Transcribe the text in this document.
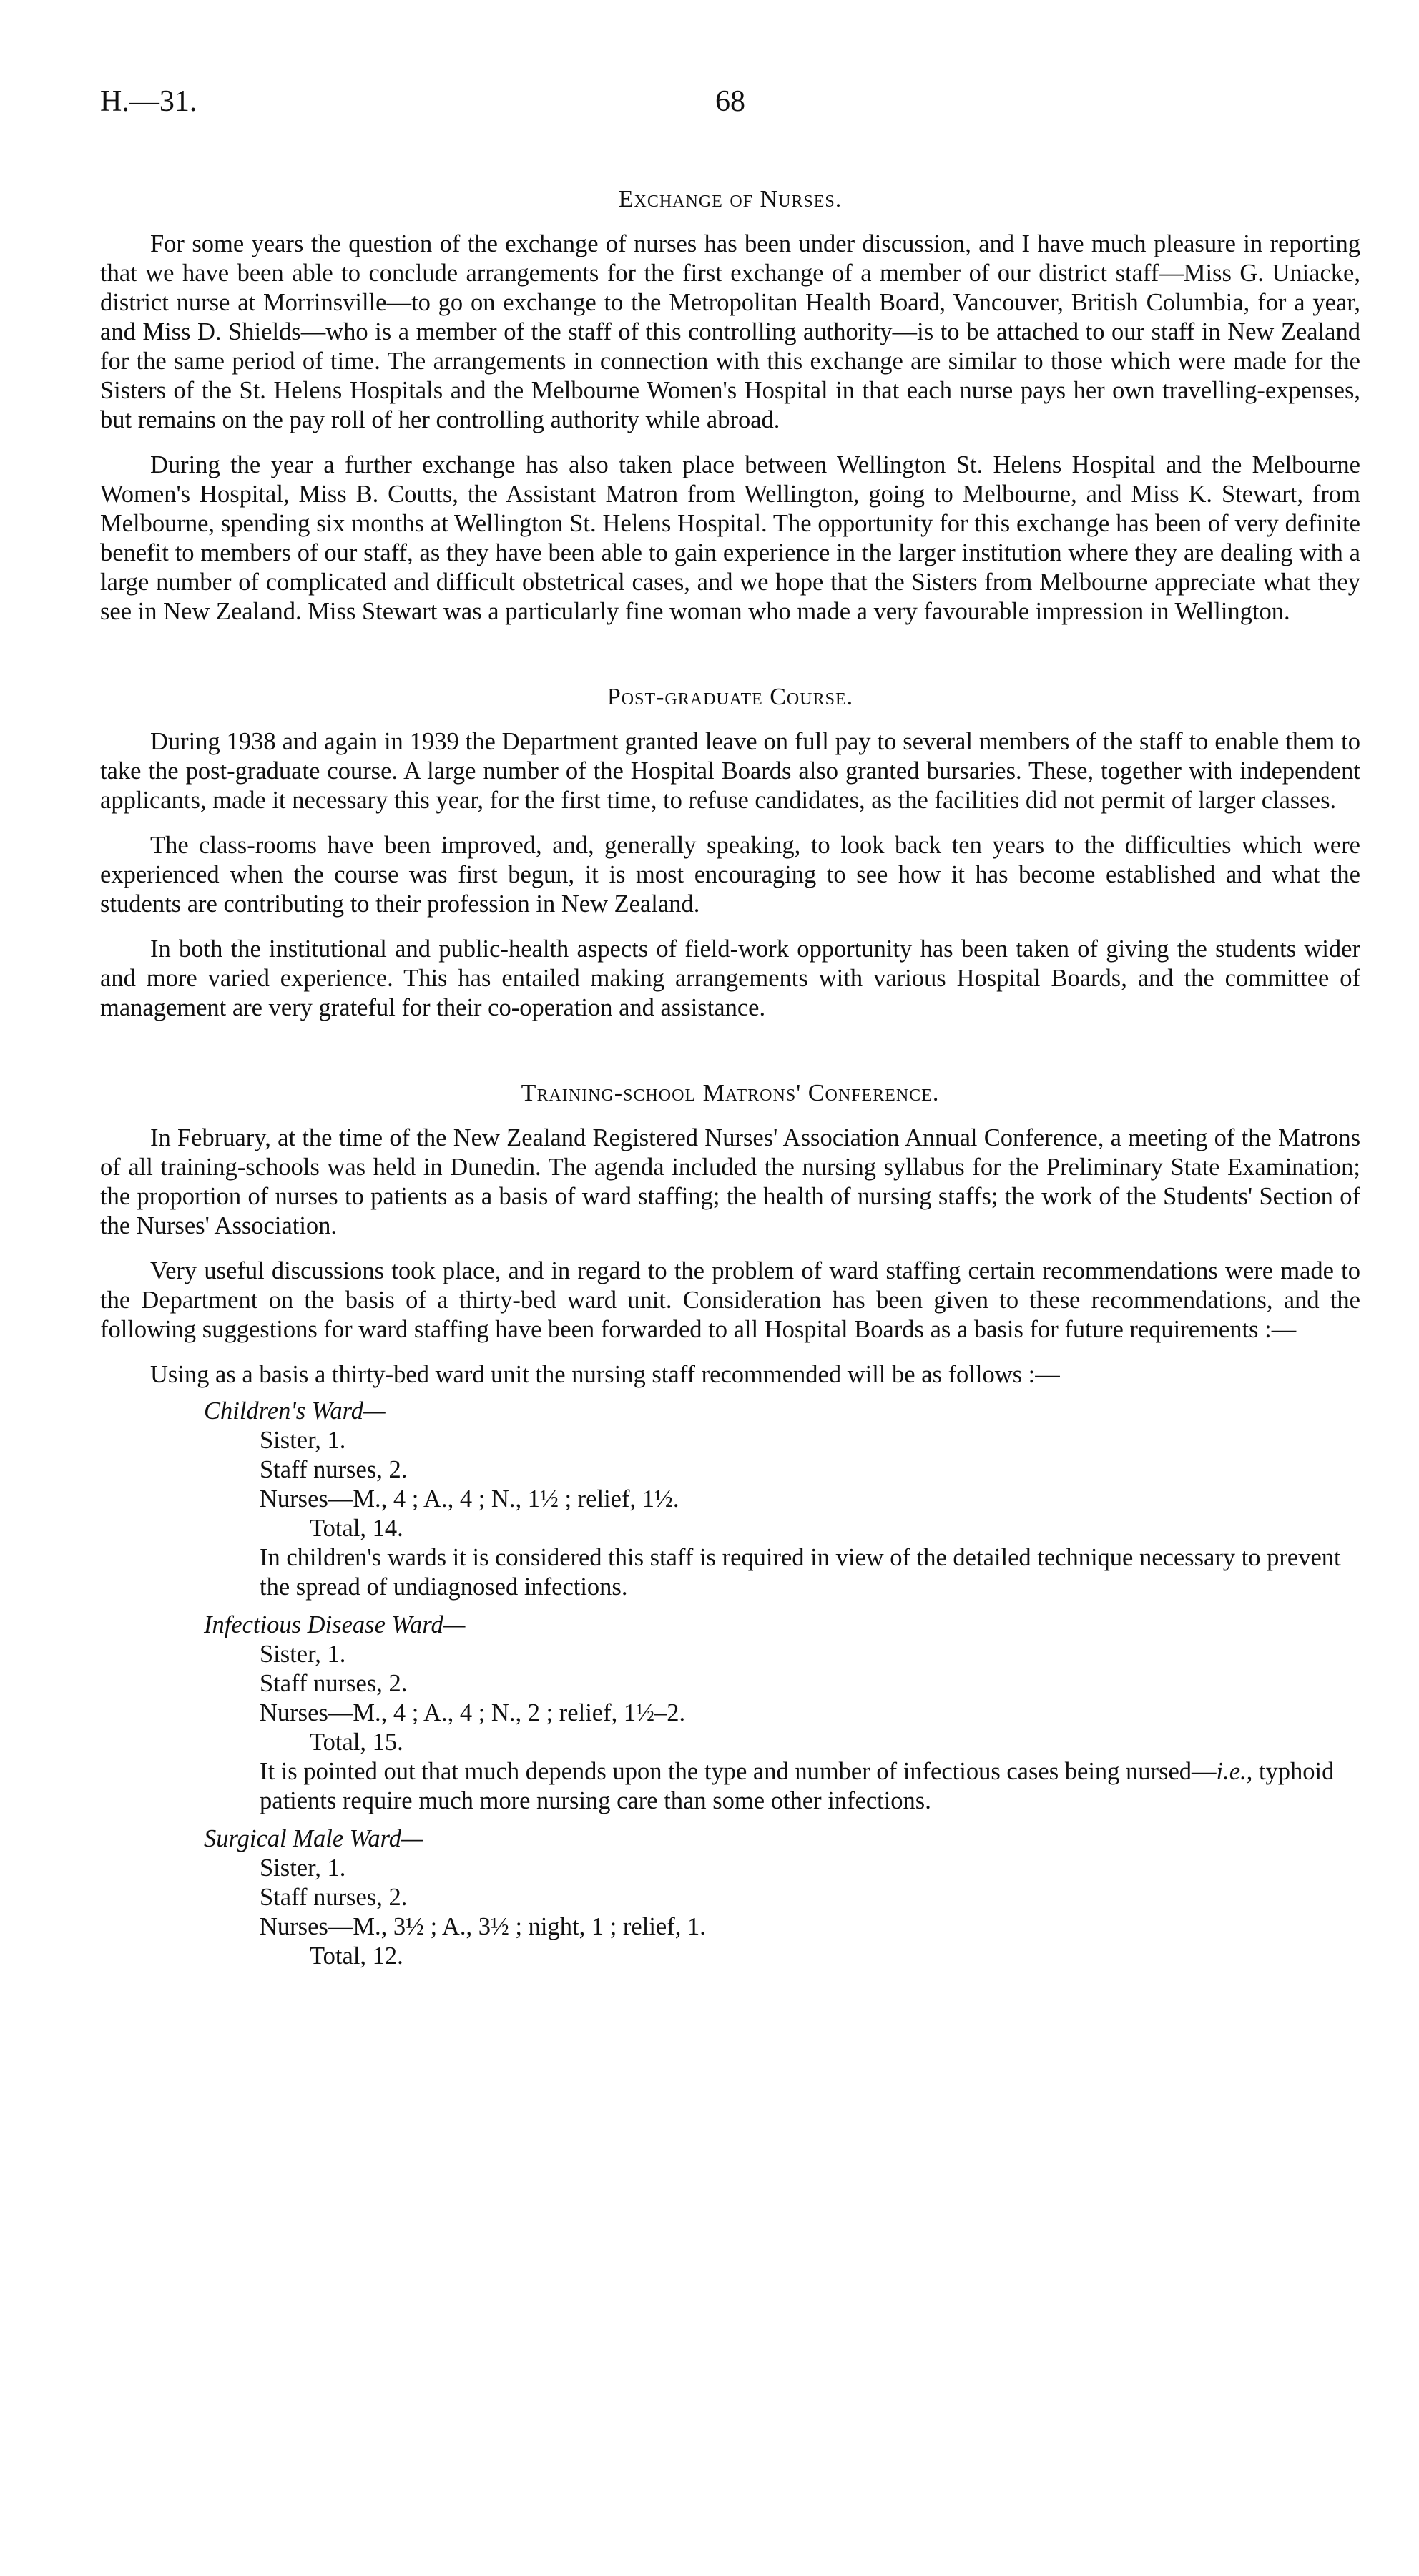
H.—31.	68
Exchange of Nurses.

For some years the question of the exchange of nurses has been under discussion, and I have much pleasure in reporting that we have been able to conclude arrangements for the first exchange of a member of our district staff—Miss G. Uniacke, district nurse at Morrinsville—to go on exchange to the Metropolitan Health Board, Vancouver, British Columbia, for a year, and Miss D. Shields—who is a member of the staff of this controlling authority—is to be attached to our staff in New Zealand for the same period of time. The arrangements in connection with this exchange are similar to those which were made for the Sisters of the St. Helens Hospitals and the Melbourne Women's Hospital in that each nurse pays her own travelling-expenses, but remains on the pay roll of her controlling authority while abroad.

During the year a further exchange has also taken place between Wellington St. Helens Hospital and the Melbourne Women's Hospital, Miss B. Coutts, the Assistant Matron from Wellington, going to Melbourne, and Miss K. Stewart, from Melbourne, spending six months at Wellington St. Helens Hospital. The opportunity for this exchange has been of very definite benefit to members of our staff, as they have been able to gain experience in the larger institution where they are dealing with a large number of complicated and difficult obstetrical cases, and we hope that the Sisters from Melbourne appreciate what they see in New Zealand. Miss Stewart was a particularly fine woman who made a very favourable impression in Wellington.

Post-graduate Course.

During 1938 and again in 1939 the Department granted leave on full pay to several members of the staff to enable them to take the post-graduate course. A large number of the Hospital Boards also granted bursaries. These, together with independent applicants, made it necessary this year, for the first time, to refuse candidates, as the facilities did not permit of larger classes.

The class-rooms have been improved, and, generally speaking, to look back ten years to the difficulties which were experienced when the course was first begun, it is most encouraging to see how it has become established and what the students are contributing to their profession in New Zealand.

In both the institutional and public-health aspects of field-work opportunity has been taken of giving the students wider and more varied experience. This has entailed making arrangements with various Hospital Boards, and the committee of management are very grateful for their co-operation and assistance.

Training-school Matrons' Conference.

In February, at the time of the New Zealand Registered Nurses' Association Annual Conference, a meeting of the Matrons of all training-schools was held in Dunedin. The agenda included the nursing syllabus for the Preliminary State Examination; the proportion of nurses to patients as a basis of ward staffing; the health of nursing staffs; the work of the Students' Section of the Nurses' Association.

Very useful discussions took place, and in regard to the problem of ward staffing certain recommendations were made to the Department on the basis of a thirty-bed ward unit. Consideration has been given to these recommendations, and the following suggestions for ward staffing have been forwarded to all Hospital Boards as a basis for future requirements :—

Using as a basis a thirty-bed ward unit the nursing staff recommended will be as follows :—

Children's Ward—
Sister, 1.
Staff nurses, 2.
Nurses—M., 4 ; A., 4 ; N., 1½ ; relief, 1½.
Total, 14.
In children's wards it is considered this staff is required in view of the detailed technique necessary to prevent the spread of undiagnosed infections.
Infectious Disease Ward—
Sister, 1.
Staff nurses, 2.
Nurses—M., 4 ; A., 4 ; N., 2 ; relief, 1½–2.
Total, 15.
It is pointed out that much depends upon the type and number of infectious cases being nursed—i.e., typhoid patients require much more nursing care than some other infections.
Surgical Male Ward—
Sister, 1.
Staff nurses, 2.
Nurses—M., 3½ ; A., 3½ ; night, 1 ; relief, 1.
Total, 12.
